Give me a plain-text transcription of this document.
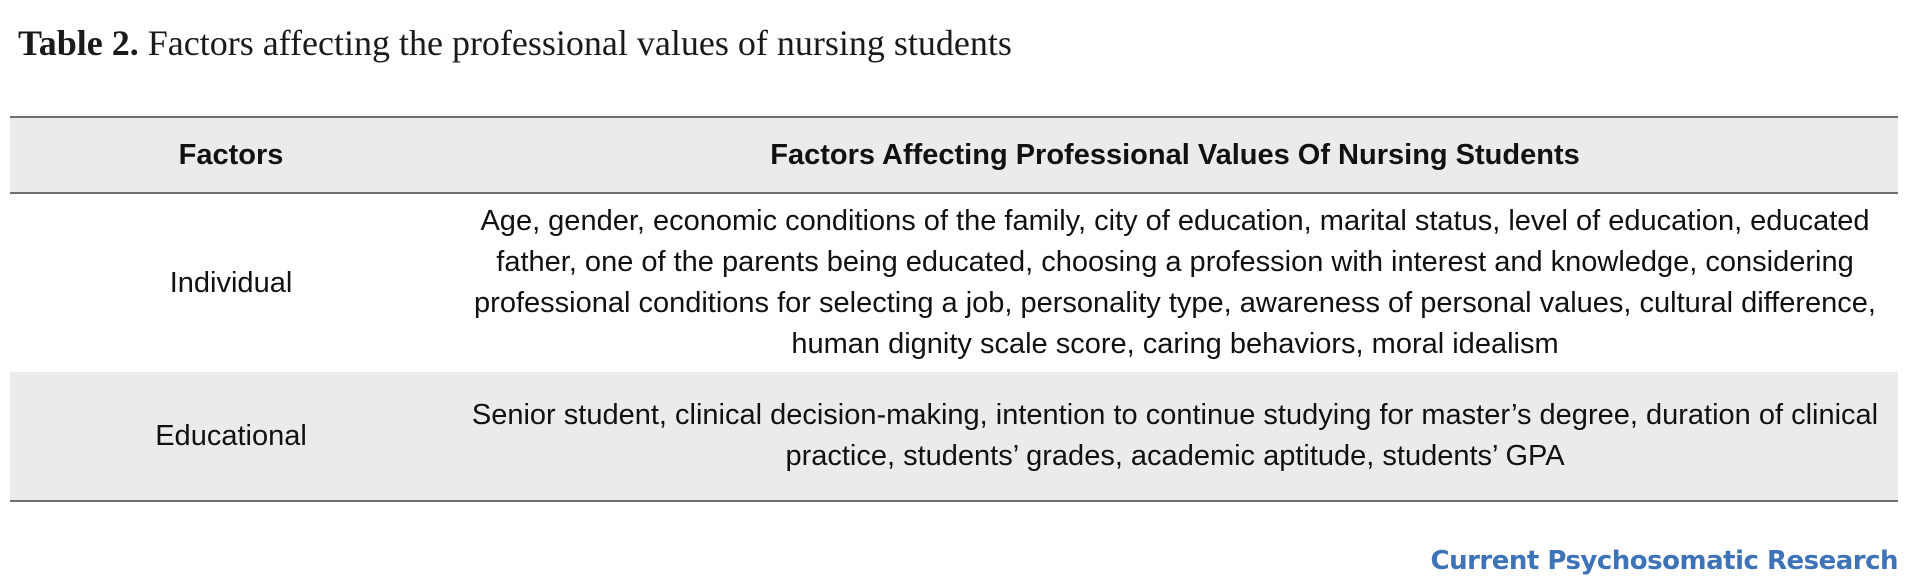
Table 2. Factors affecting the professional values of nursing students
Factors	Factors Affecting Professional Values Of Nursing Students
Individual	Age, gender, economic conditions of the family, city of education, marital status, level of education, educated father, one of the parents being educated, choosing a profession with interest and knowledge, considering professional conditions for selecting a job, personality type, awareness of personal values, cultural difference, human dignity scale score, caring behaviors, moral idealism
Educational	Senior student, clinical decision-making, intention to continue studying for master’s degree, duration of clinical practice, students’ grades, academic aptitude, students’ GPA
Current Psychosomatic Research
